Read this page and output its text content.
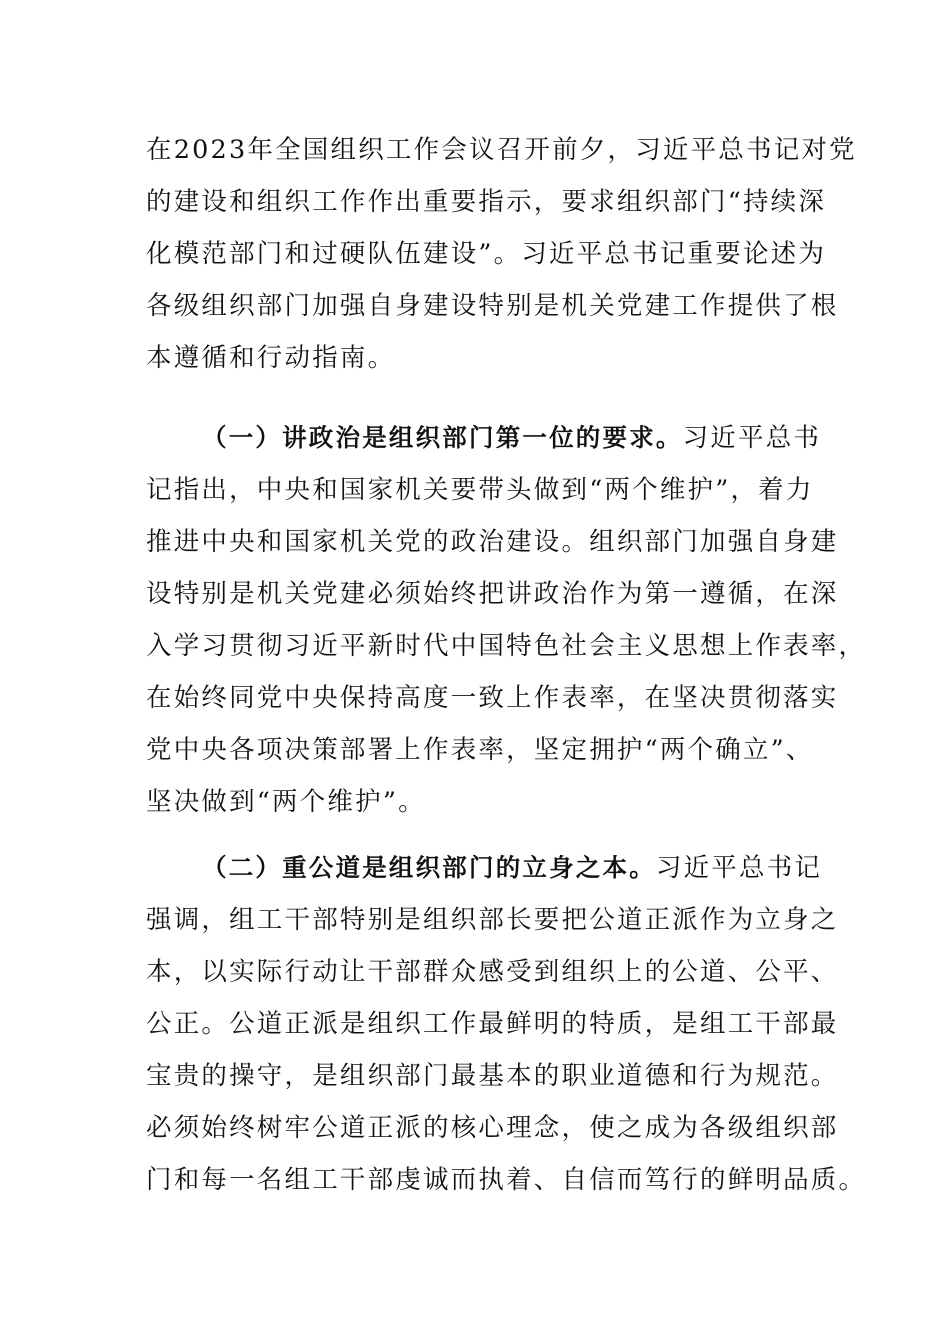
在2023年全国组织工作会议召开前夕，习近平总书记对党
的建设和组织工作作出重要指示，要求组织部门“持续深
化模范部门和过硬队伍建设”。习近平总书记重要论述为
各级组织部门加强自身建设特别是机关党建工作提供了根
本遵循和行动指南。
（一）讲政治是组织部门第一位的要求。习近平总书
记指出，中央和国家机关要带头做到“两个维护”，着力
推进中央和国家机关党的政治建设。组织部门加强自身建
设特别是机关党建必须始终把讲政治作为第一遵循，在深
入学习贯彻习近平新时代中国特色社会主义思想上作表率，
在始终同党中央保持高度一致上作表率，在坚决贯彻落实
党中央各项决策部署上作表率，坚定拥护“两个确立”、
坚决做到“两个维护”。
（二）重公道是组织部门的立身之本。习近平总书记
强调，组工干部特别是组织部长要把公道正派作为立身之
本，以实际行动让干部群众感受到组织上的公道、公平、
公正。公道正派是组织工作最鲜明的特质，是组工干部最
宝贵的操守，是组织部门最基本的职业道德和行为规范。
必须始终树牢公道正派的核心理念，使之成为各级组织部
门和每一名组工干部虔诚而执着、自信而笃行的鲜明品质。
